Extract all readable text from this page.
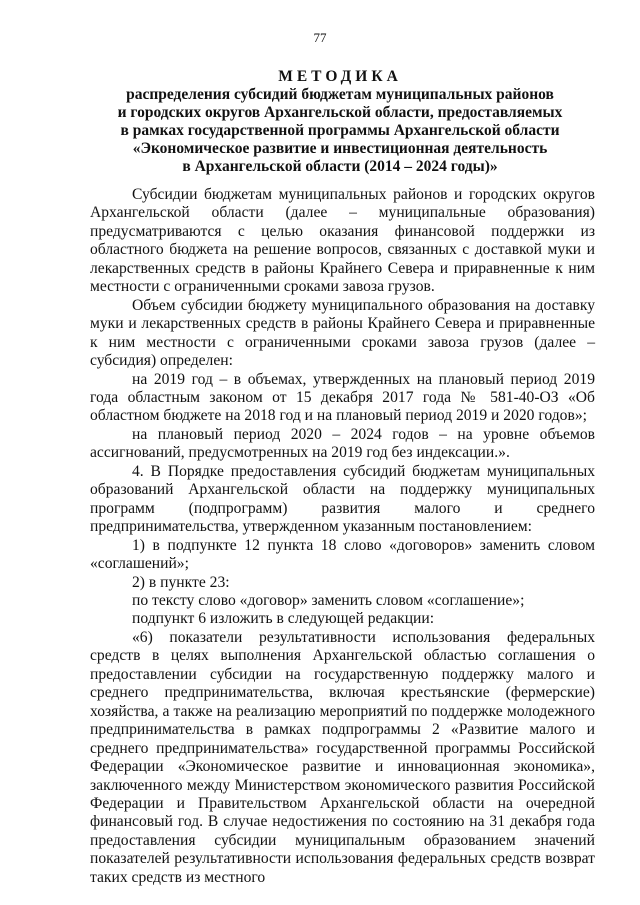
77
МЕТОДИКА
распределения субсидий бюджетам муниципальных районов
и городских округов Архангельской области, предоставляемых
в рамках государственной программы Архангельской области
«Экономическое развитие и инвестиционная деятельность
в Архангельской области (2014 – 2024 годы)»

Субсидии бюджетам муниципальных районов и городских округов Архангельской области (далее – муниципальные образования) предусматриваются с целью оказания финансовой поддержки из областного бюджета на решение вопросов, связанных с доставкой муки и лекарственных средств в районы Крайнего Севера и приравненные к ним местности с ограниченными сроками завоза грузов.

Объем субсидии бюджету муниципального образования на доставку муки и лекарственных средств в районы Крайнего Севера и приравненные к ним местности с ограниченными сроками завоза грузов (далее – субсидия) определен:

на 2019 год – в объемах, утвержденных на плановый период 2019 года областным законом от 15 декабря 2017 года № 581-40-ОЗ «Об областном бюджете на 2018 год и на плановый период 2019 и 2020 годов»;

на плановый период 2020 – 2024 годов – на уровне объемов ассигнований, предусмотренных на 2019 год без индексации.».

4. В Порядке предоставления субсидий бюджетам муниципальных образований Архангельской области на поддержку муниципальных программ (подпрограмм) развития малого и среднего предпринимательства, утвержденном указанным постановлением:

1) в подпункте 12 пункта 18 слово «договоров» заменить словом «соглашений»;

2) в пункте 23:

по тексту слово «договор» заменить словом «соглашение»;

подпункт 6 изложить в следующей редакции:

«6) показатели результативности использования федеральных средств в целях выполнения Архангельской областью соглашения о предоставлении субсидии на государственную поддержку малого и среднего предпринимательства, включая крестьянские (фермерские) хозяйства, а также на реализацию мероприятий по поддержке молодежного предпринимательства в рамках подпрограммы 2 «Развитие малого и среднего предпринимательства» государственной программы Российской Федерации «Экономическое развитие и инновационная экономика», заключенного между Министерством экономического развития Российской Федерации и Правительством Архангельской области на очередной финансовый год. В случае недостижения по состоянию на 31 декабря года предоставления субсидии муниципальным образованием значений показателей результативности использования федеральных средств возврат таких средств из местного
